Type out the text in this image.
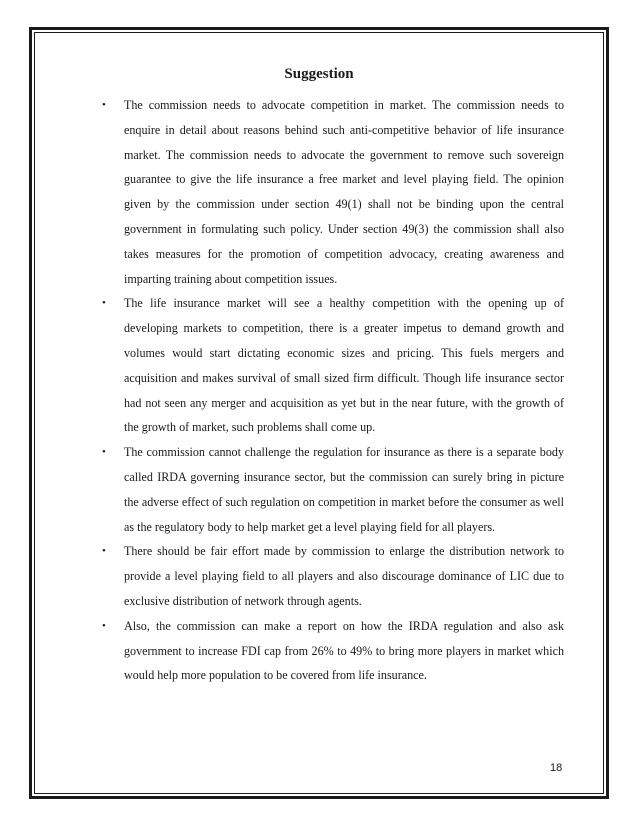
Suggestion
•	The commission needs to advocate competition in market. The commission needs to enquire in detail about reasons behind such anti-competitive behavior of life insurance market. The commission needs to advocate the government to remove such sovereign guarantee to give the life insurance a free market and level playing field. The opinion given by the commission under section 49(1) shall not be binding upon the central government in formulating such policy. Under section 49(3) the commission shall also takes measures for the promotion of competition advocacy, creating awareness and imparting training about competition issues.
•	The life insurance market will see a healthy competition with the opening up of developing markets to competition, there is a greater impetus to demand growth and volumes would start dictating economic sizes and pricing. This fuels mergers and acquisition and makes survival of small sized firm difficult. Though life insurance sector had not seen any merger and acquisition as yet but in the near future, with the growth of the growth of market, such problems shall come up.
•	The commission cannot challenge the regulation for insurance as there is a separate body called IRDA governing insurance sector, but the commission can surely bring in picture the adverse effect of such regulation on competition in market before the consumer as well as the regulatory body to help market get a level playing field for all players.
•	There should be fair effort made by commission to enlarge the distribution network to provide a level playing field to all players and also discourage dominance of LIC due to exclusive distribution of network through agents.
•	Also, the commission can make a report on how the IRDA regulation and also ask government to increase FDI cap from 26% to 49% to bring more players in market which would help more population to be covered from life insurance.
18
